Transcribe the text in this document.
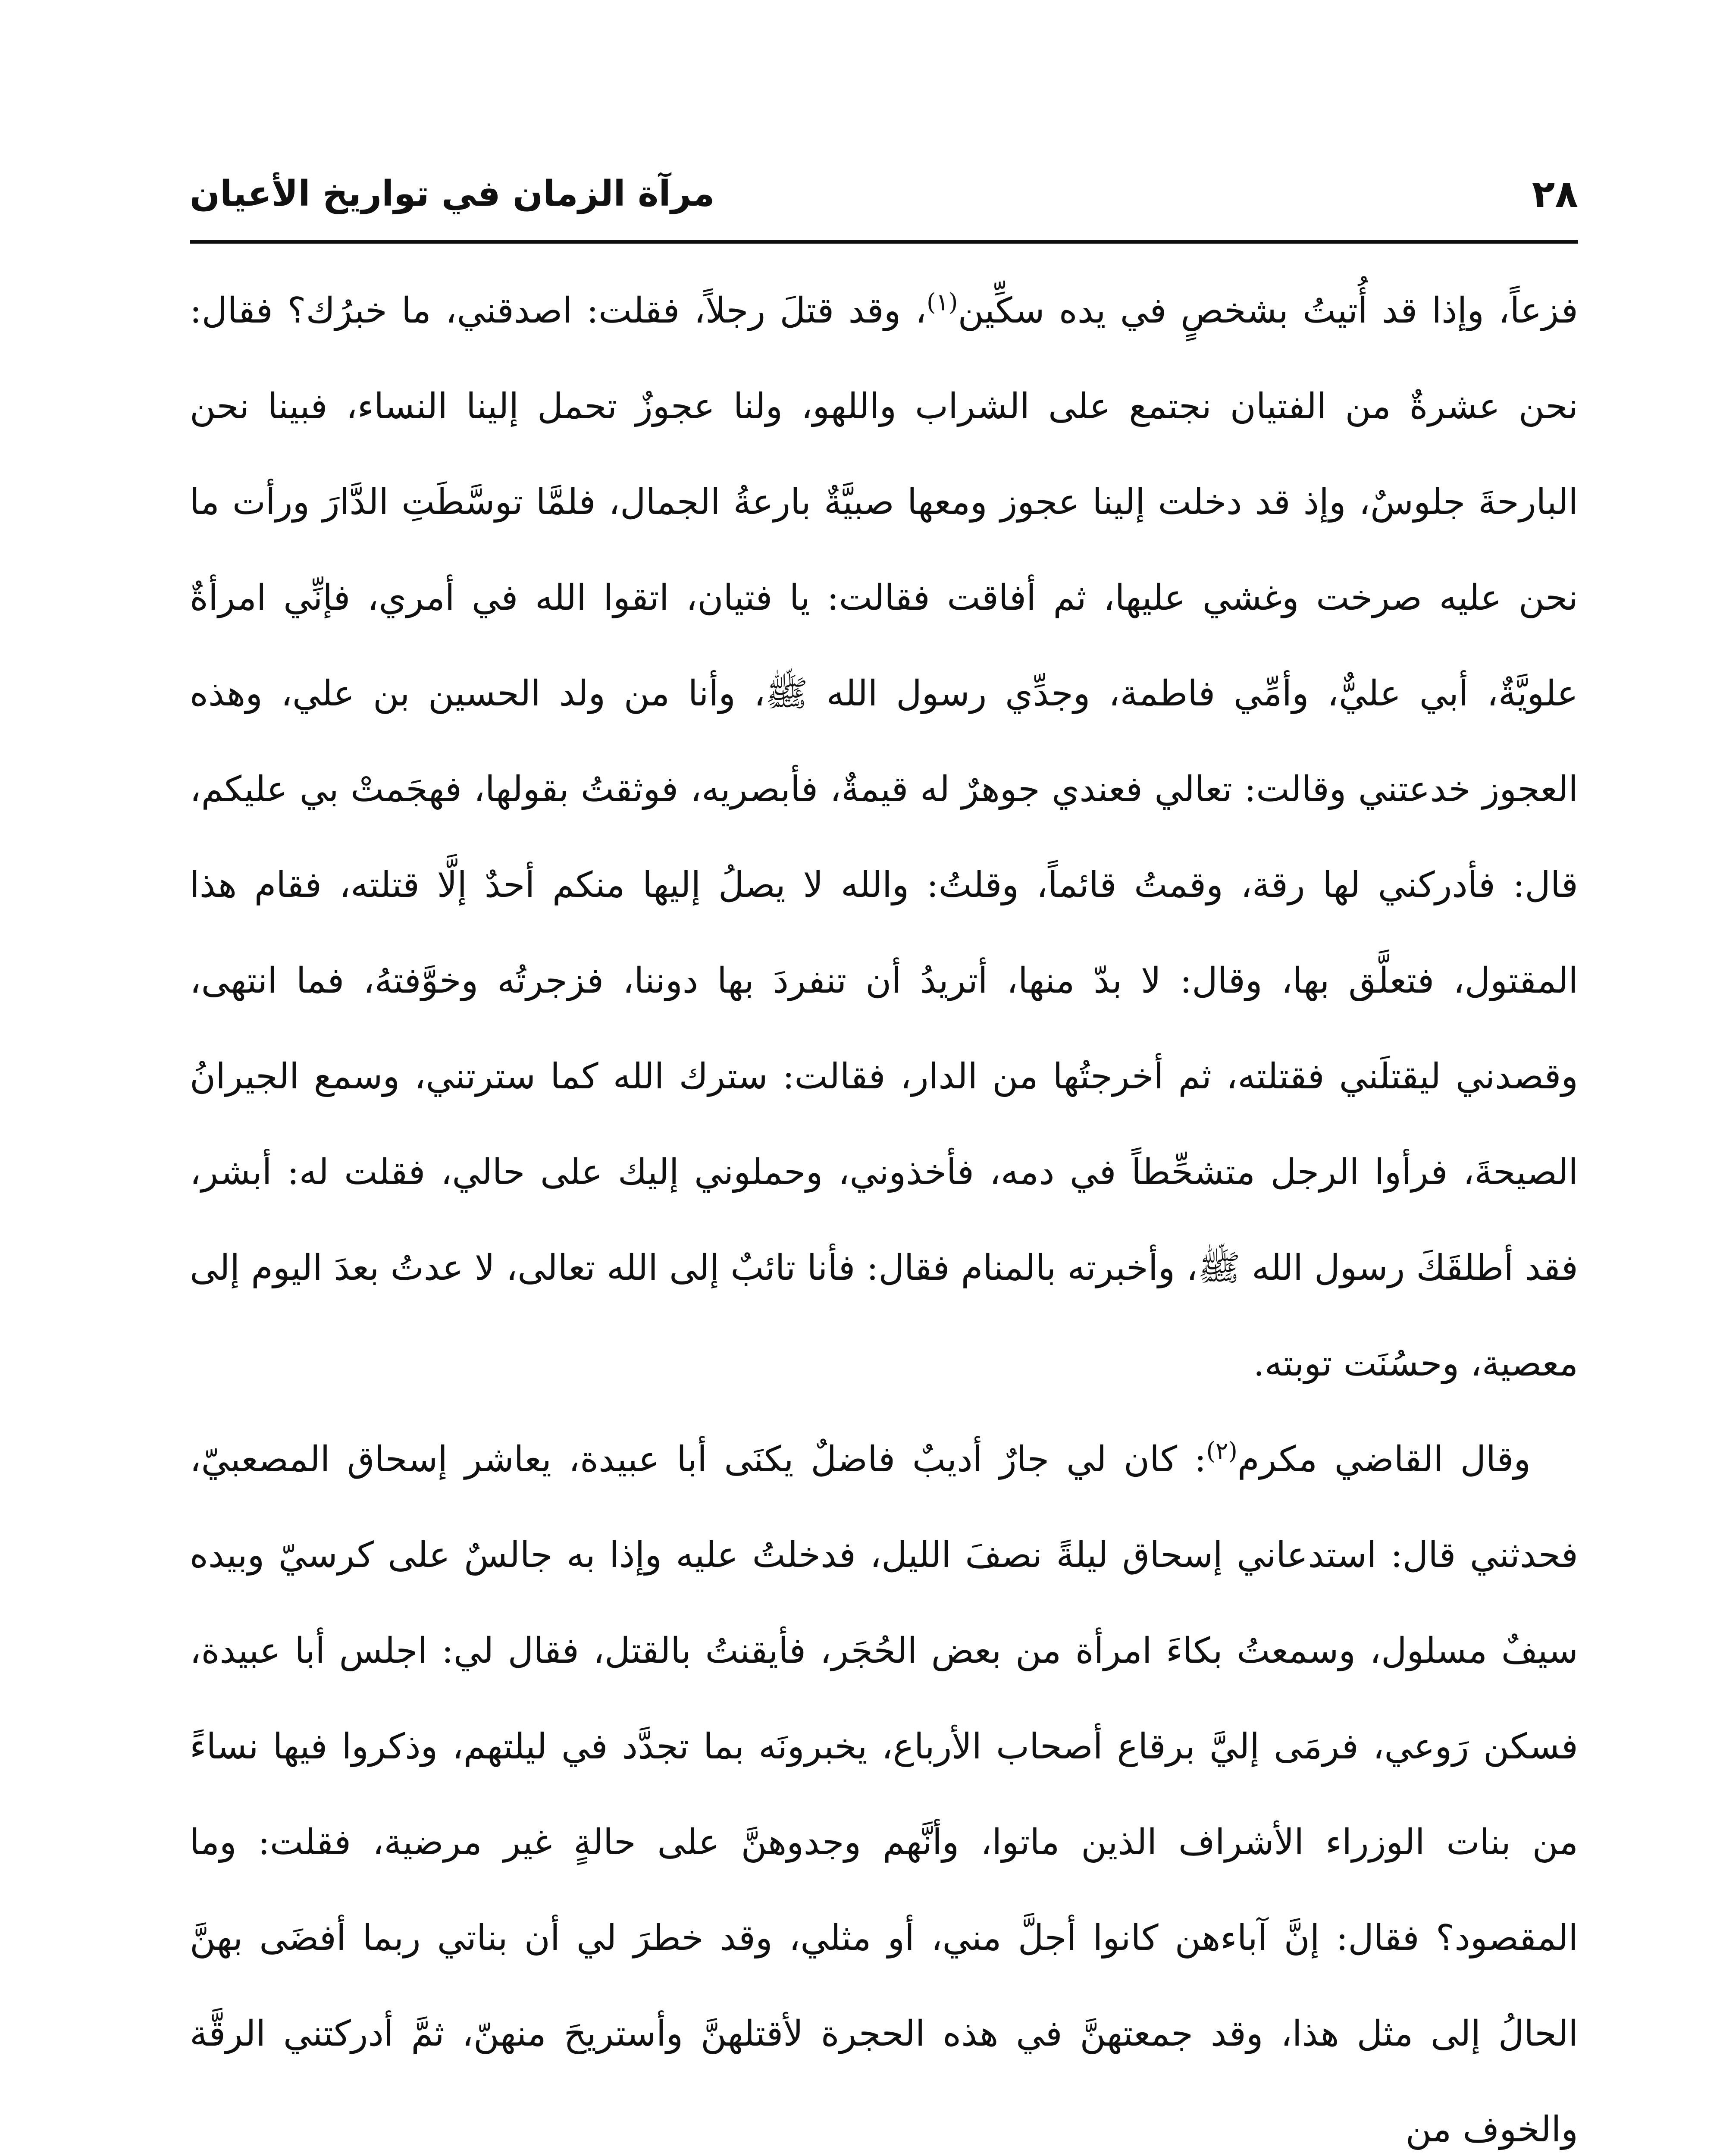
٢٨
مرآة الزمان في تواريخ الأعيان

فزعاً، وإذا قد أُتيتُ بشخصٍ في يده سكِّين$^{(١)}$، وقد قتلَ رجلاً، فقلت: اصدقني، ما خبرُك؟ فقال: نحن عشرةٌ من الفتيان نجتمع على الشراب واللهو، ولنا عجوزٌ تحمل إلينا النساء، فبينا نحن البارحةَ جلوسٌ، وإذ قد دخلت إلينا عجوز ومعها صبيَّةٌ بارعةُ الجمال، فلمَّا توسَّطَتِ الدَّارَ ورأت ما نحن عليه صرخت وغشي عليها، ثم أفاقت فقالت: يا فتيان، اتقوا الله في أمري، فإنِّي امرأةٌ علويَّةٌ، أبي عليٌّ، وأمِّي فاطمة، وجدِّي رسول الله ﷺ، وأنا من ولد الحسين بن علي، وهذه العجوز خدعتني وقالت: تعالي فعندي جوهرٌ له قيمةٌ، فأبصريه، فوثقتُ بقولها، فهجَمتْ بي عليكم، قال: فأدركني لها رقة، وقمتُ قائماً، وقلتُ: والله لا يصلُ إليها منكم أحدٌ إلَّا قتلته، فقام هذا المقتول، فتعلَّق بها، وقال: لا بدّ منها، أتريدُ أن تنفردَ بها دوننا، فزجرتُه وخوَّفتهُ، فما انتهى، وقصدني ليقتلَني فقتلته، ثم أخرجتُها من الدار، فقالت: سترك الله كما سترتني، وسمع الجيرانُ الصيحةَ، فرأوا الرجل متشحِّطاً في دمه، فأخذوني، وحملوني إليك على حالي، فقلت له: أبشر، فقد أطلقَكَ رسول الله ﷺ، وأخبرته بالمنام فقال: فأنا تائبٌ إلى الله تعالى، لا عدتُ بعدَ اليوم إلى معصية، وحسُنَت توبته.

وقال القاضي مكرم$^{(٢)}$: كان لي جارٌ أديبٌ فاضلٌ يكنَى أبا عبيدة، يعاشر إسحاق المصعبيّ، فحدثني قال: استدعاني إسحاق ليلةً نصفَ الليل، فدخلتُ عليه وإذا به جالسٌ على كرسيّ وبيده سيفٌ مسلول، وسمعتُ بكاءَ امرأة من بعض الحُجَر، فأيقنتُ بالقتل، فقال لي: اجلس أبا عبيدة، فسكن رَوعي، فرمَى إليَّ برقاع أصحاب الأرباع، يخبرونَه بما تجدَّد في ليلتهم، وذكروا فيها نساءً من بنات الوزراء الأشراف الذين ماتوا، وأنَّهم وجدوهنَّ على حالةٍ غير مرضية، فقلت: وما المقصود؟ فقال: إنَّ آباءهن كانوا أجلَّ مني، أو مثلي، وقد خطرَ لي أن بناتي ربما أفضَى بهنَّ الحالُ إلى مثل هذا، وقد جمعتهنَّ في هذه الحجرة لأقتلهنَّ وأستريحَ منهنّ، ثمَّ أدركتني الرقَّة والخوف من
